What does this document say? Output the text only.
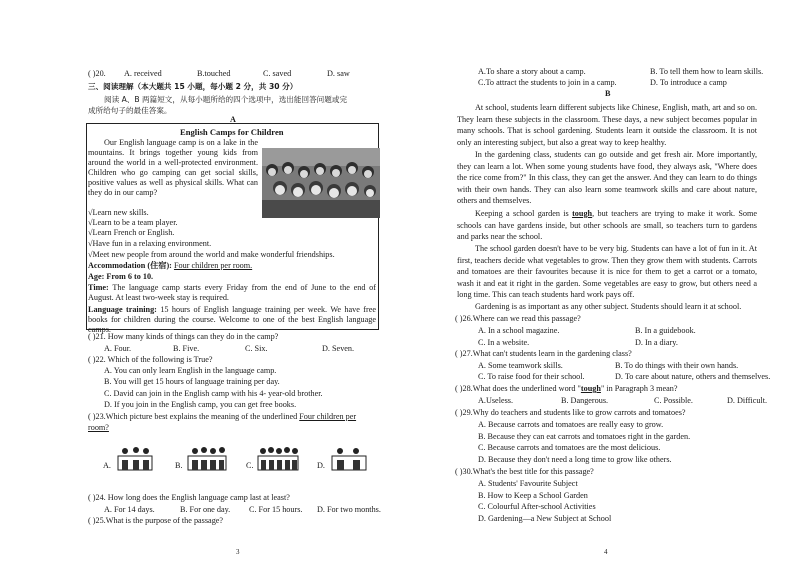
( )20. A. received	B.touched	C. saved	D. saw
三、阅读理解（本大题共 15 小题，每小题 2 分，共 30 分）
阅读 A、B 两篇短文，从每小题所给的四个选项中，选出能回答问题或完
成所给句子的最佳答案。
A
English Camps for Children
Our English language camp is on a lake in the mountains. It brings together young kids from around the world in a well-protected environment. Children who go camping can get social skills, positive values as well as physical skills. What can they do in our camp?
√Learn new skills.
√Learn to be a team player.
√Learn French or English.
√Have fun in a relaxing environment.
√Meet new people from around the world and make wonderful friendships.
Accommodation (住宿): Four children per room.
Age: From 6 to 10.
Time: The language camp starts every Friday from the end of June to the end of August. At least two-week stay is required.
Language training: 15 hours of English language training per week. We have free books for children during the course. Welcome to one of the best English language camps.
( )21. How many kinds of things can they do in the camp?
A. Four.	B. Five.	C. Six.	D. Seven.
( )22. Which of the following is True?
A. You can only learn English in the language camp.
B. You will get 15 hours of language training per day.
C. David can join in the English camp with his 4- year-old brother.
D. If you join in the English camp, you can get free books.
( )23.Which picture best explains the meaning of the underlined Four children per
room?
A.	B.	C.	D.
( )24. How long does the English language camp last at least?
A. For 14 days.	B. For one day. C. For 15 hours. D. For two months.
( )25.What is the purpose of the passage?
3
A.To share a story about a camp.	B. To tell them how to learn skills.
C.To attract the students to join in a camp.	D. To introduce a camp
B
At school, students learn different subjects like Chinese, English, math, art and so on. They learn these subjects in the classroom. These days, a new subject becomes popular in many schools. That is school gardening. Students learn it outside the classroom. It is not only an interesting subject, but also a great way to keep healthy.
In the gardening class, students can go outside and get fresh air. More importantly, they can learn a lot. When some young students have food, they always ask, "Where does the rice come from?" In this class, they can get the answer. And they can learn to do things with their own hands. They can also learn some teamwork skills and care about nature, others and themselves.
Keeping a school garden is tough, but teachers are trying to make it work. Some schools can have gardens inside, but other schools are small, so teachers turn to gardens and parks near the school.
The school garden doesn't have to be very big. Students can have a lot of fun in it. At first, teachers decide what vegetables to grow. Then they grow them with students. Carrots and tomatoes are their favourites because it is nice for them to get a carrot or a tomato, wash it and eat it right in the garden. Some vegetables are easy to grow, but others need a long time. This can teach students hard work pays off.
Gardening is as important as any other subject. Students should learn it at school.
( )26.Where can we read this passage?
A. In a school magazine.	B. In a guidebook.
C. In a website.	D. In a diary.
( )27.What can't students learn in the gardening class?
A. Some teamwork skills.	B. To do things with their own hands.
C. To raise food for their school.	D. To care about nature, others and themselves.
( )28.What does the underlined word "tough" in Paragraph 3 mean?
A.Useless.	B. Dangerous.	C. Possible.	D. Difficult.
( )29.Why do teachers and students like to grow carrots and tomatoes?
A. Because carrots and tomatoes are really easy to grow.
B. Because they can eat carrots and tomatoes right in the garden.
C. Because carrots and tomatoes are the most delicious.
D. Because they don't need a long time to grow like others.
( )30.What's the best title for this passage?
A. Students' Favourite Subject
B. How to Keep a School Garden
C. Colourful After-school Activities
D. Gardening—a New Subject at School
4
